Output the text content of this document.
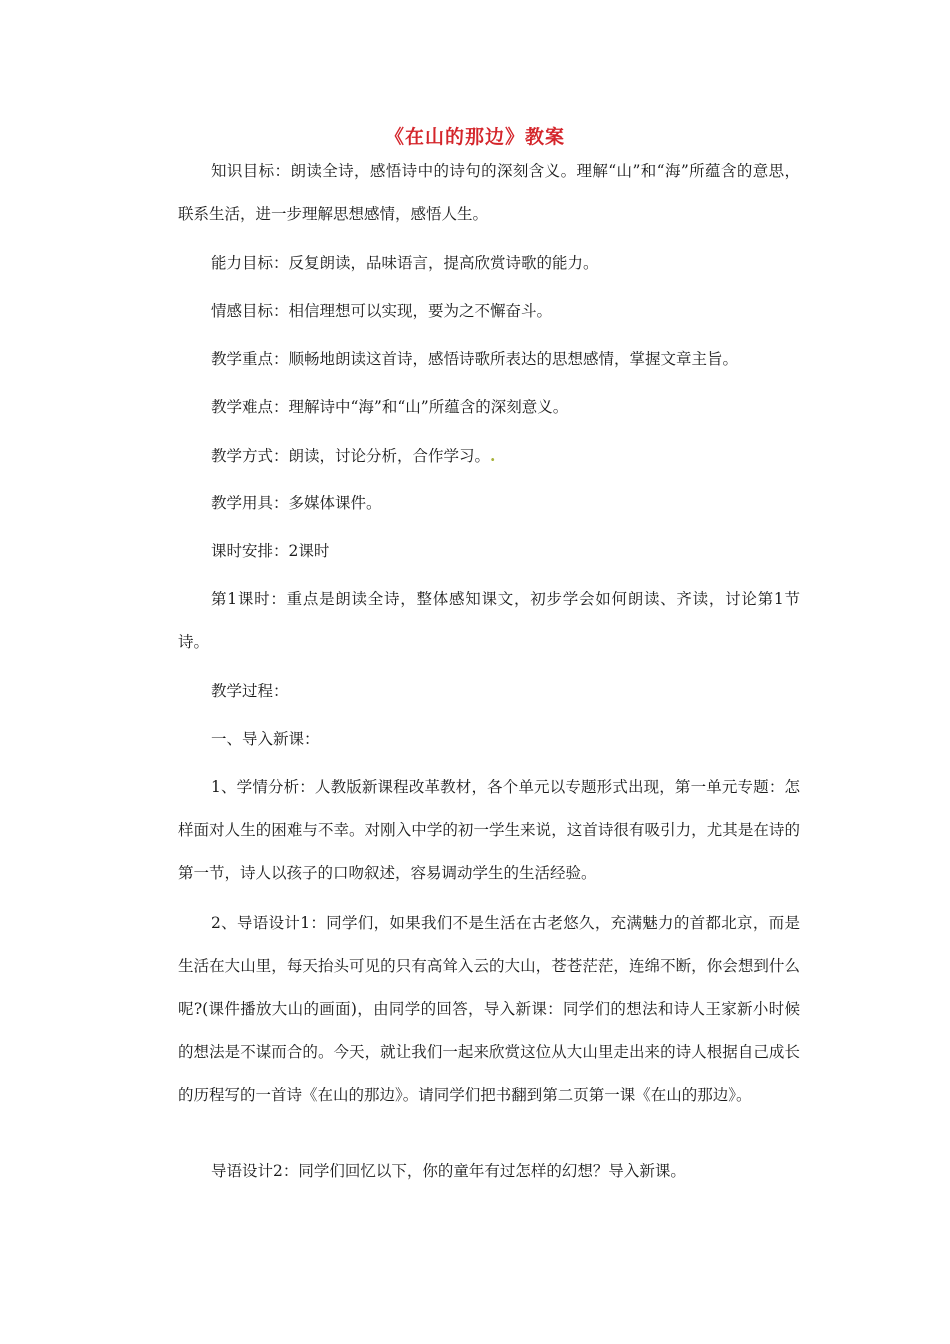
《在山的那边》教案

知识目标：朗读全诗，感悟诗中的诗句的深刻含义。理解“山”和“海”所蕴含的意思，联系生活，进一步理解思想感情，感悟人生。

能力目标：反复朗读，品味语言，提高欣赏诗歌的能力。

情感目标：相信理想可以实现，要为之不懈奋斗。

教学重点：顺畅地朗读这首诗，感悟诗歌所表达的思想感情，掌握文章主旨。

教学难点：理解诗中“海”和“山”所蕴含的深刻意义。

教学方式：朗读，讨论分析，合作学习。.

教学用具：多媒体课件。

课时安排：2课时

第1课时：重点是朗读全诗，整体感知课文，初步学会如何朗读、齐读，讨论第1节诗。

教学过程：

一、导入新课：

1、学情分析：人教版新课程改革教材，各个单元以专题形式出现，第一单元专题：怎样面对人生的困难与不幸。对刚入中学的初一学生来说，这首诗很有吸引力，尤其是在诗的第一节，诗人以孩子的口吻叙述，容易调动学生的生活经验。

2、导语设计1：同学们，如果我们不是生活在古老悠久，充满魅力的首都北京，而是生活在大山里，每天抬头可见的只有高耸入云的大山，苍苍茫茫，连绵不断，你会想到什么呢?(课件播放大山的画面)，由同学的回答，导入新课：同学们的想法和诗人王家新小时候的想法是不谋而合的。今天，就让我们一起来欣赏这位从大山里走出来的诗人根据自己成长的历程写的一首诗《在山的那边》。请同学们把书翻到第二页第一课《在山的那边》。

导语设计2：同学们回忆以下，你的童年有过怎样的幻想？导入新课。
